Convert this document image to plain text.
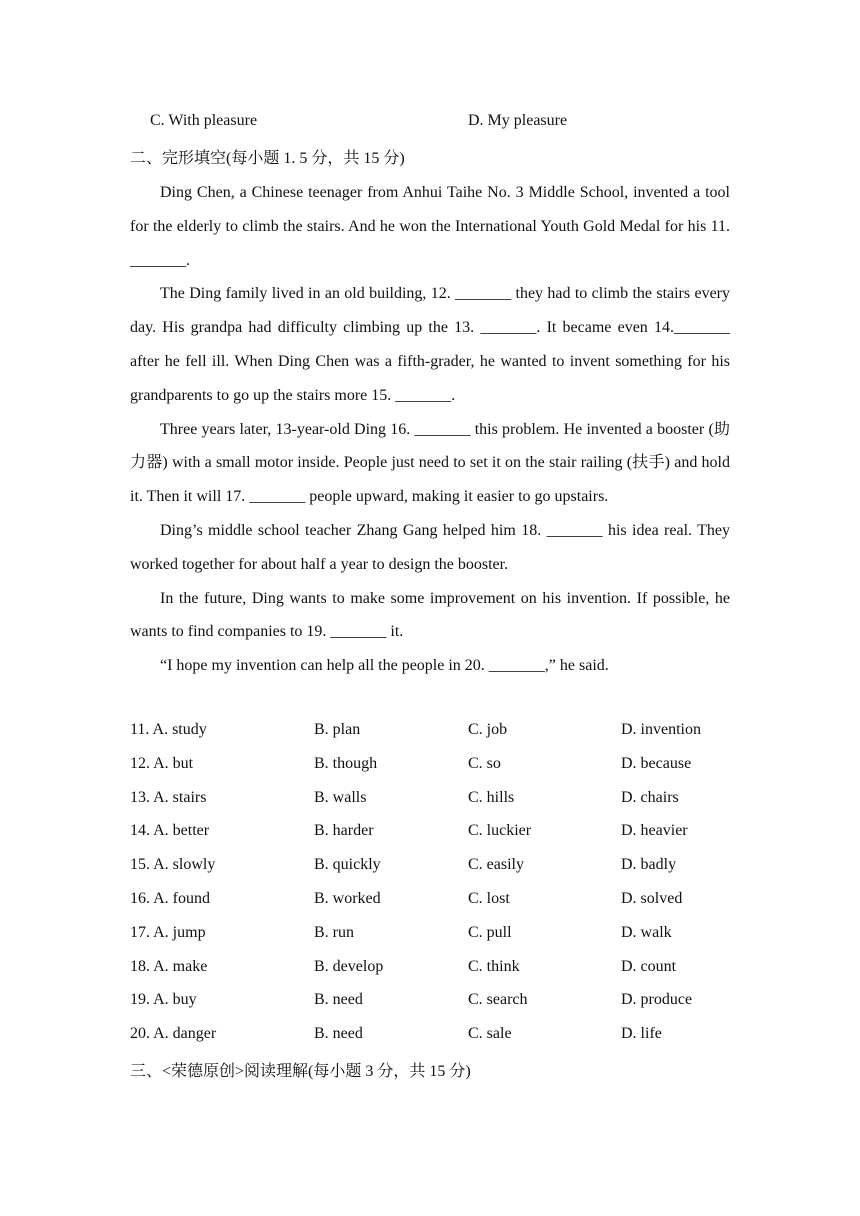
C. With pleasure	D. My pleasure
二、完形填空(每小题 1. 5 分，共 15 分)

Ding Chen, a Chinese teenager from Anhui Taihe No. 3 Middle School, invented a tool for the elderly to climb the stairs. And he won the International Youth Gold Medal for his 11. _______.

The Ding family lived in an old building, 12. _______ they had to climb the stairs every day. His grandpa had difficulty climbing up the 13. _______. It became even 14._______ after he fell ill. When Ding Chen was a fifth-grader, he wanted to invent something for his grandparents to go up the stairs more 15. _______.

Three years later, 13-year-old Ding 16. _______ this problem. He invented a booster (助力器) with a small motor inside. People just need to set it on the stair railing (扶手) and hold it. Then it will 17. _______ people upward, making it easier to go upstairs.

Ding’s middle school teacher Zhang Gang helped him 18. _______ his idea real. They worked together for about half a year to design the booster.

In the future, Ding wants to make some improvement on his invention. If possible, he wants to find companies to 19. _______ it.

“I hope my invention can help all the people in 20. _______,” he said.

11. A. study	B. plan	C. job	D. invention
12. A. but	B. though	C. so	D. because
13. A. stairs	B. walls	C. hills	D. chairs
14. A. better	B. harder	C. luckier	D. heavier
15. A. slowly	B. quickly	C. easily	D. badly
16. A. found	B. worked	C. lost	D. solved
17. A. jump	B. run	C. pull	D. walk
18. A. make	B. develop	C. think	D. count
19. A. buy	B. need	C. search	D. produce
20. A. danger	B. need	C. sale	D. life
三、<荣德原创>阅读理解(每小题 3 分，共 15 分)
